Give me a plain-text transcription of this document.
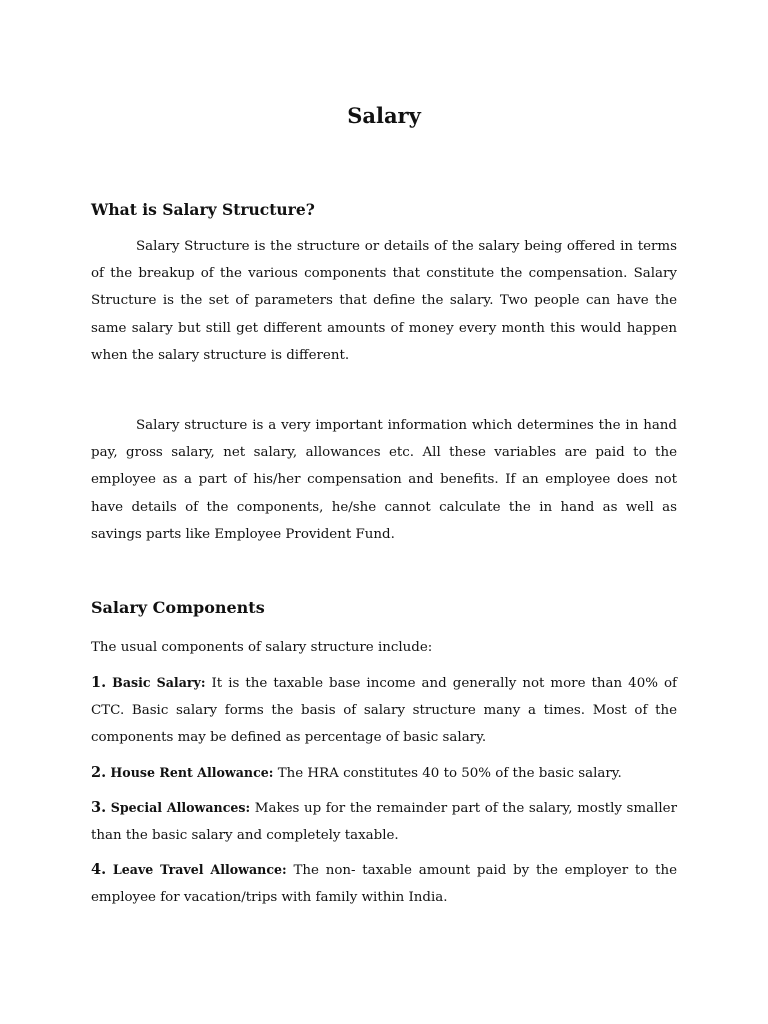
Salary
What is Salary Structure?

Salary Structure is the structure or details of the salary being offered in terms of the breakup of the various components that constitute the compensation. Salary Structure is the set of parameters that define the salary. Two people can have the same salary but still get different amounts of money every month this would happen when the salary structure is different.

Salary structure is a very important information which determines the in hand pay, gross salary, net salary, allowances etc. All these variables are paid to the employee as a part of his/her compensation and benefits. If an employee does not have details of the components, he/she cannot calculate the in hand as well as savings parts like Employee Provident Fund.

Salary Components

The usual components of salary structure include:

1. Basic Salary: It is the taxable base income and generally not more than 40% of CTC. Basic salary forms the basis of salary structure many a times. Most of the components may be defined as percentage of basic salary.

2. House Rent Allowance: The HRA constitutes 40 to 50% of the basic salary.

3. Special Allowances: Makes up for the remainder part of the salary, mostly smaller than the basic salary and completely taxable.

4. Leave Travel Allowance: The non- taxable amount paid by the employer to the employee for vacation/trips with family within India.
